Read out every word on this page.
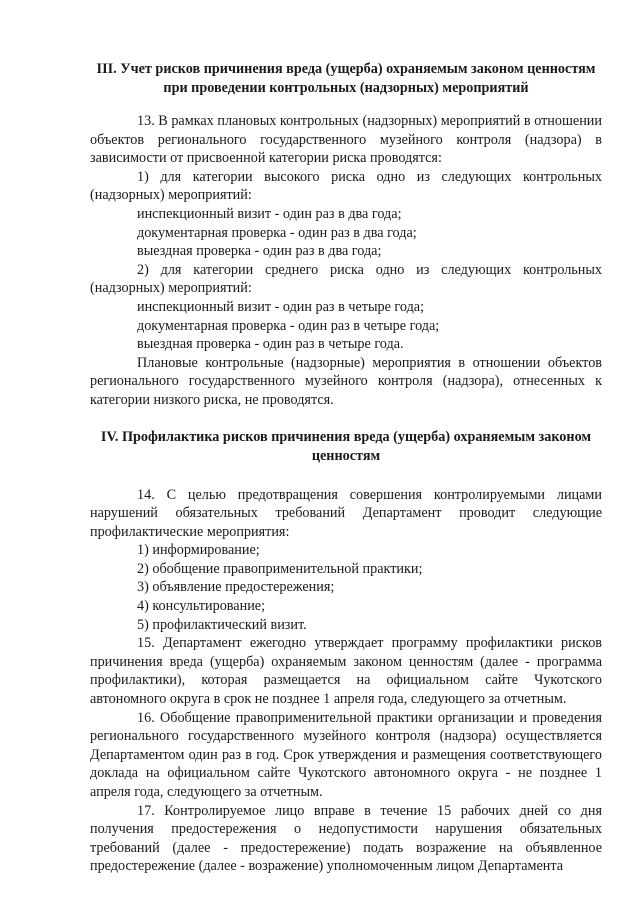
III. Учет рисков причинения вреда (ущерба) охраняемым законом ценностям при проведении контрольных (надзорных) мероприятий

13. В рамках плановых контрольных (надзорных) мероприятий в отношении объектов регионального государственного музейного контроля (надзора) в зависимости от присвоенной категории риска проводятся:

1) для категории высокого риска одно из следующих контрольных (надзорных) мероприятий:

инспекционный визит - один раз в два года;

документарная проверка - один раз в два года;

выездная проверка - один раз в два года;

2) для категории среднего риска одно из следующих контрольных (надзорных) мероприятий:

инспекционный визит - один раз в четыре года;

документарная проверка - один раз в четыре года;

выездная проверка - один раз в четыре года.

Плановые контрольные (надзорные) мероприятия в отношении объектов регионального государственного музейного контроля (надзора), отнесенных к категории низкого риска, не проводятся.

IV. Профилактика рисков причинения вреда (ущерба) охраняемым законом ценностям

14. С целью предотвращения совершения контролируемыми лицами нарушений обязательных требований Департамент проводит следующие профилактические мероприятия:

1) информирование;

2) обобщение правоприменительной практики;

3) объявление предостережения;

4) консультирование;

5) профилактический визит.

15. Департамент ежегодно утверждает программу профилактики рисков причинения вреда (ущерба) охраняемым законом ценностям (далее - программа профилактики), которая размещается на официальном сайте Чукотского автономного округа в срок не позднее 1 апреля года, следующего за отчетным.

16. Обобщение правоприменительной практики организации и проведения регионального государственного музейного контроля (надзора) осуществляется Департаментом один раз в год. Срок утверждения и размещения соответствующего доклада на официальном сайте Чукотского автономного округа - не позднее 1 апреля года, следующего за отчетным.

17. Контролируемое лицо вправе в течение 15 рабочих дней со дня получения предостережения о недопустимости нарушения обязательных требований (далее - предостережение) подать возражение на объявленное предостережение (далее - возражение) уполномоченным лицом Департамента
